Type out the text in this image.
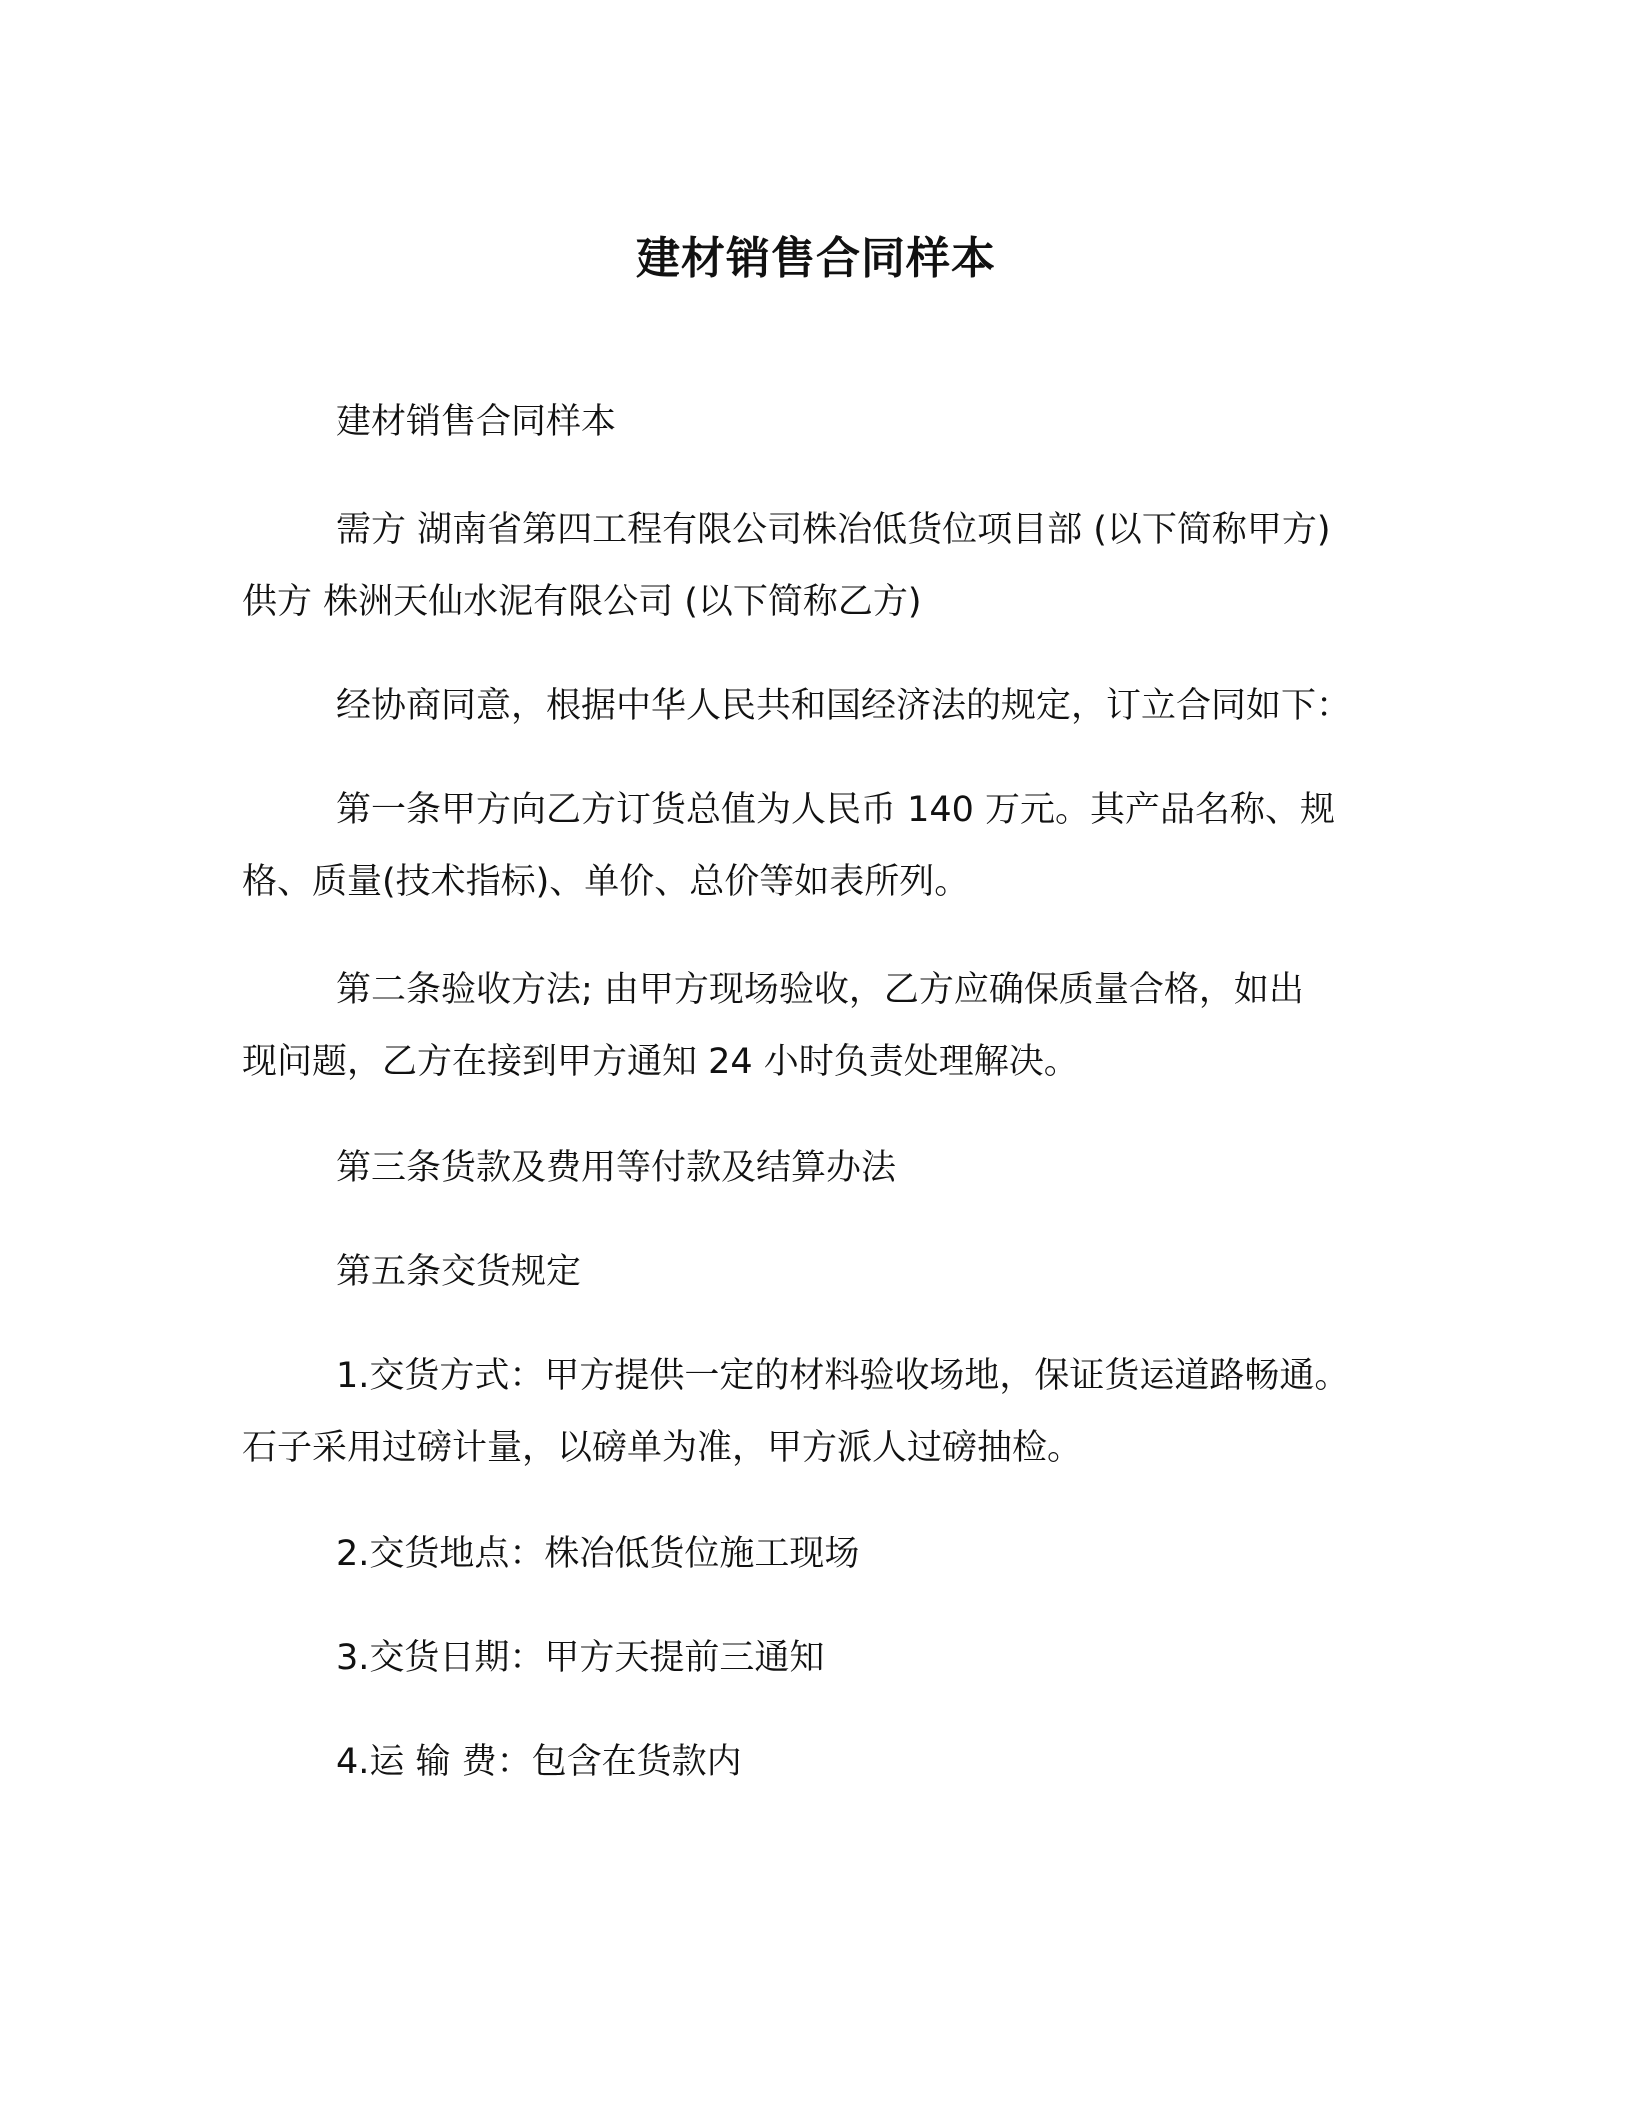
建材销售合同样本
建材销售合同样本
需方 湖南省第四工程有限公司株冶低货位项目部 (以下简称甲方)
供方 株洲天仙水泥有限公司 (以下简称乙方)
经协商同意，根据中华人民共和国经济法的规定，订立合同如下：
第一条甲方向乙方订货总值为人民币 140 万元。其产品名称、规
格、质量(技术指标)、单价、总价等如表所列。
第二条验收方法; 由甲方现场验收，乙方应确保质量合格，如出
现问题，乙方在接到甲方通知 24 小时负责处理解决。
第三条货款及费用等付款及结算办法
第五条交货规定
1.交货方式：甲方提供一定的材料验收场地，保证货运道路畅通。
石子采用过磅计量，以磅单为准，甲方派人过磅抽检。
2.交货地点：株冶低货位施工现场
3.交货日期：甲方天提前三通知
4.运 输 费：包含在货款内
